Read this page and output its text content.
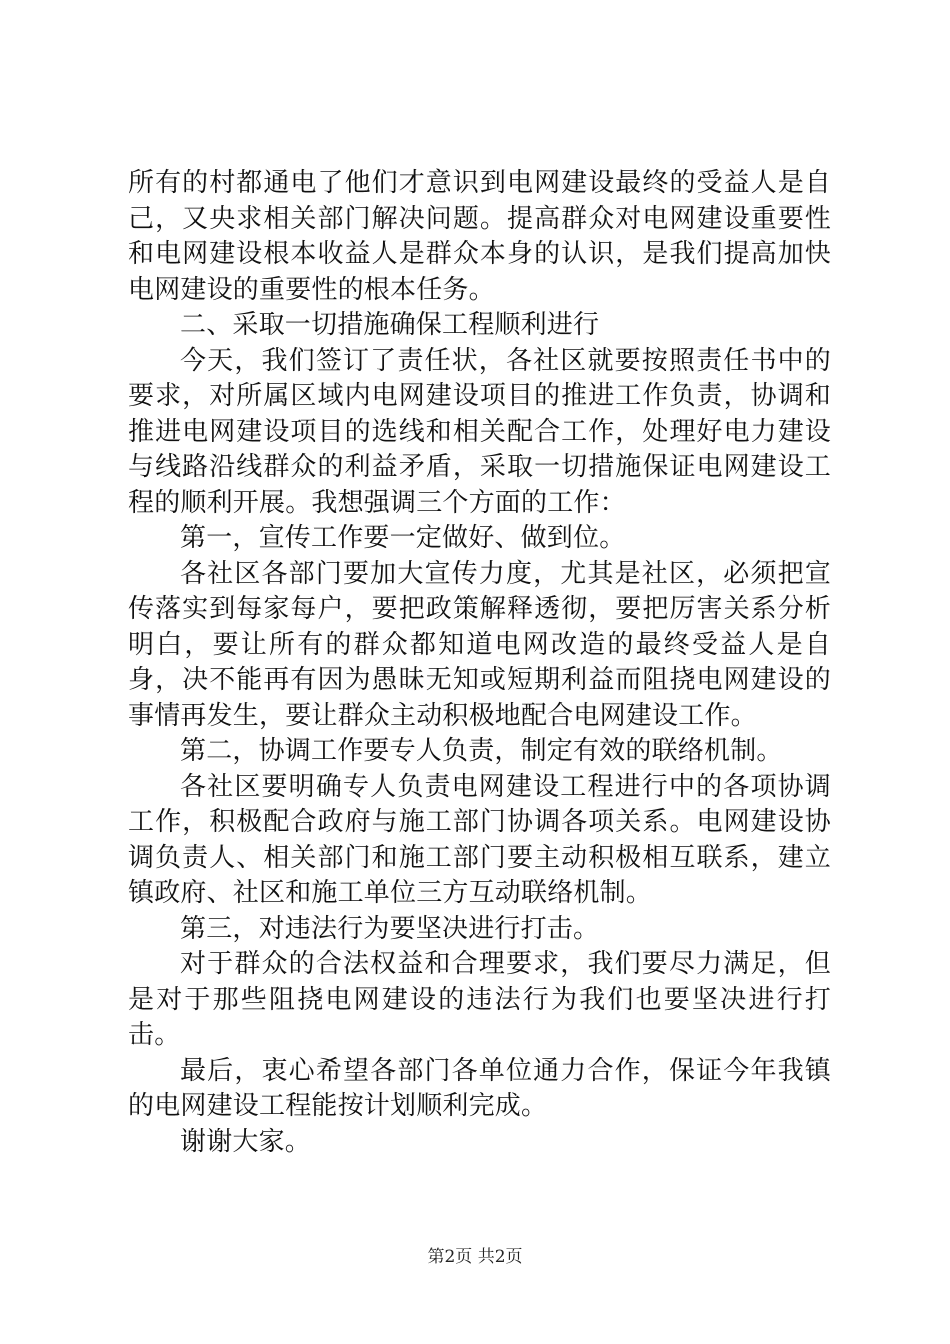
所有的村都通电了他们才意识到电网建设最终的受益人是自己，又央求相关部门解决问题。提高群众对电网建设重要性和电网建设根本收益人是群众本身的认识，是我们提高加快电网建设的重要性的根本任务。

二、采取一切措施确保工程顺利进行

今天，我们签订了责任状，各社区就要按照责任书中的要求，对所属区域内电网建设项目的推进工作负责，协调和推进电网建设项目的选线和相关配合工作，处理好电力建设与线路沿线群众的利益矛盾，采取一切措施保证电网建设工程的顺利开展。我想强调三个方面的工作：

第一，宣传工作要一定做好、做到位。

各社区各部门要加大宣传力度，尤其是社区，必须把宣传落实到每家每户，要把政策解释透彻，要把厉害关系分析明白，要让所有的群众都知道电网改造的最终受益人是自身，决不能再有因为愚昧无知或短期利益而阻挠电网建设的事情再发生，要让群众主动积极地配合电网建设工作。

第二，协调工作要专人负责，制定有效的联络机制。

各社区要明确专人负责电网建设工程进行中的各项协调工作，积极配合政府与施工部门协调各项关系。电网建设协调负责人、相关部门和施工部门要主动积极相互联系，建立镇政府、社区和施工单位三方互动联络机制。

第三，对违法行为要坚决进行打击。

对于群众的合法权益和合理要求，我们要尽力满足，但是对于那些阻挠电网建设的违法行为我们也要坚决进行打击。

最后，衷心希望各部门各单位通力合作，保证今年我镇的电网建设工程能按计划顺利完成。

谢谢大家。

第2页 共2页
